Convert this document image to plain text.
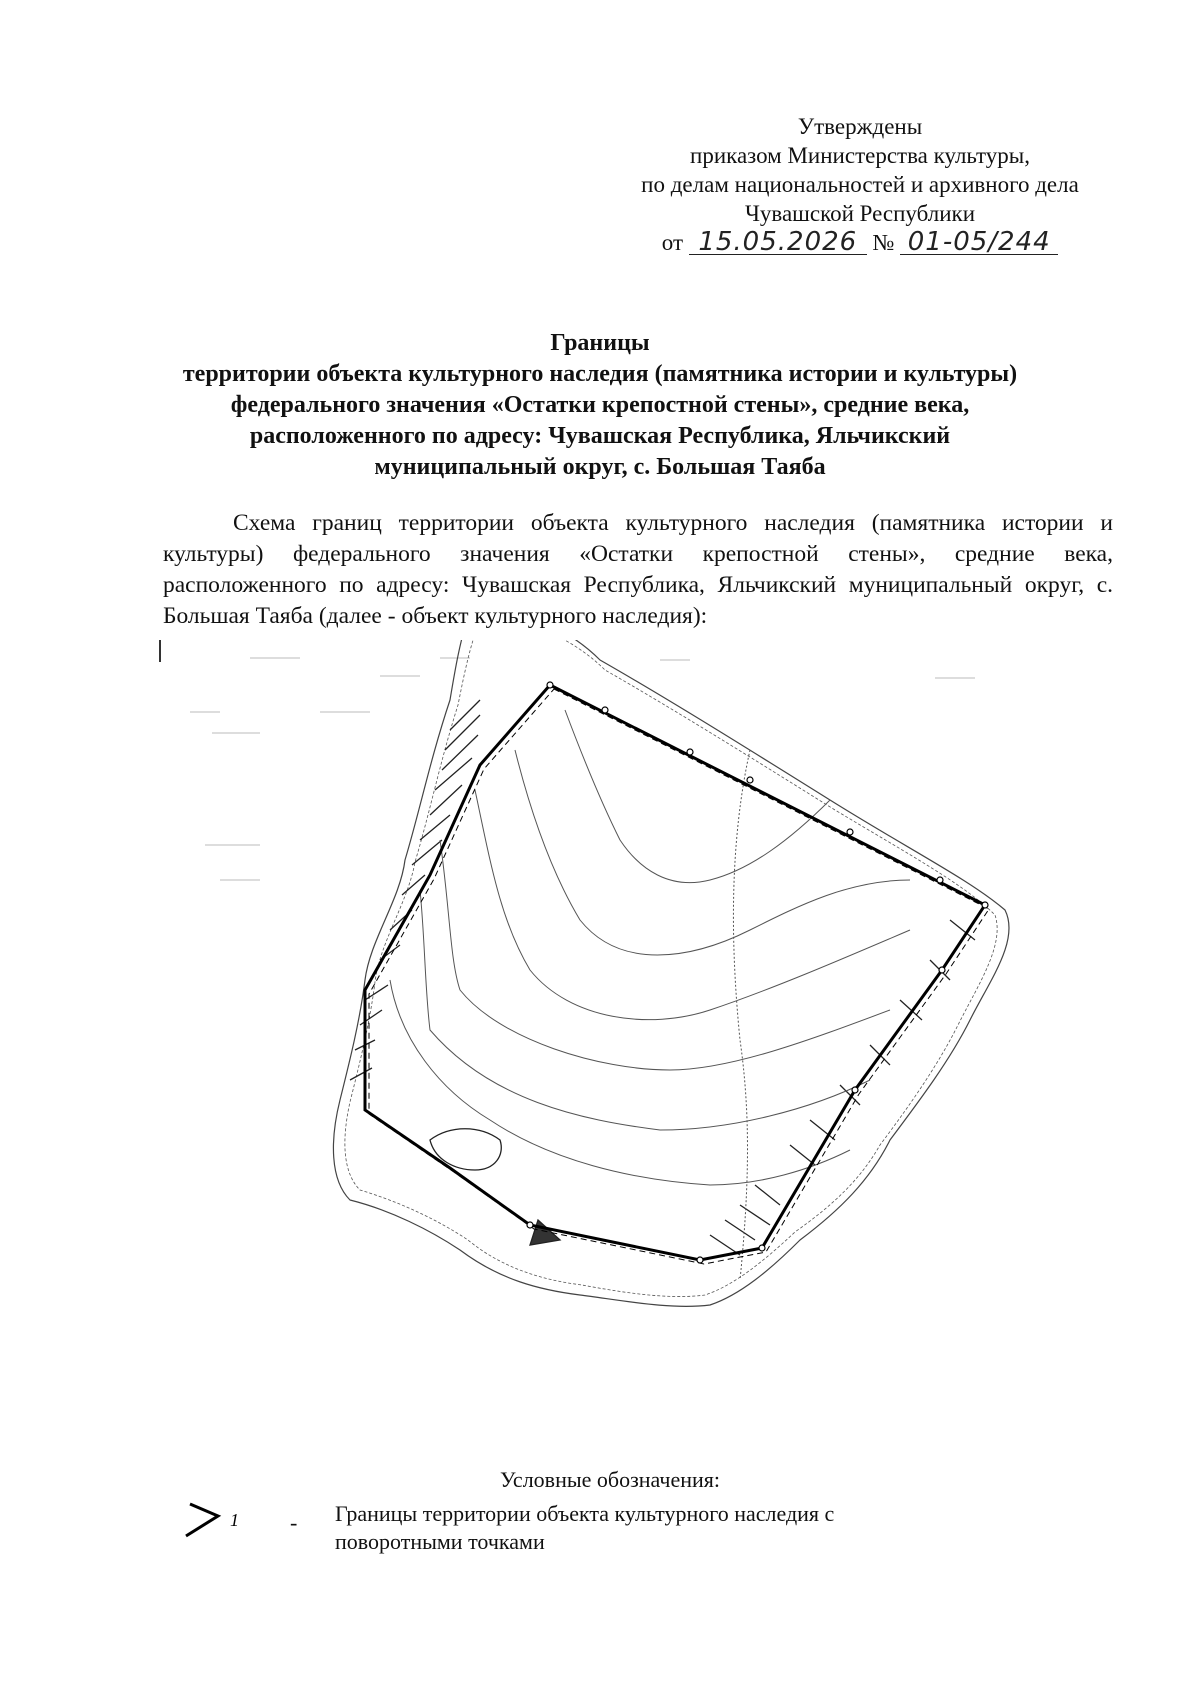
Утверждены
приказом Министерства культуры,
по делам национальностей и архивного дела
Чувашской Республики
от 15.05.2026 № 01-05/244
Границы
территории объекта культурного наследия (памятника истории и культуры)
федерального значения «Остатки крепостной стены», средние века,
расположенного по адресу: Чувашская Республика, Яльчикский
муниципальный округ, с. Большая Таяба

Схема границ территории объекта культурного наследия (памятника истории и культуры) федерального значения «Остатки крепостной стены», средние века, расположенного по адресу: Чувашская Республика, Яльчикский муниципальный округ, с. Большая Таяба (далее - объект культурного наследия):

Условные обозначения:
1 - Границы территории объекта культурного наследия с поворотными точками
